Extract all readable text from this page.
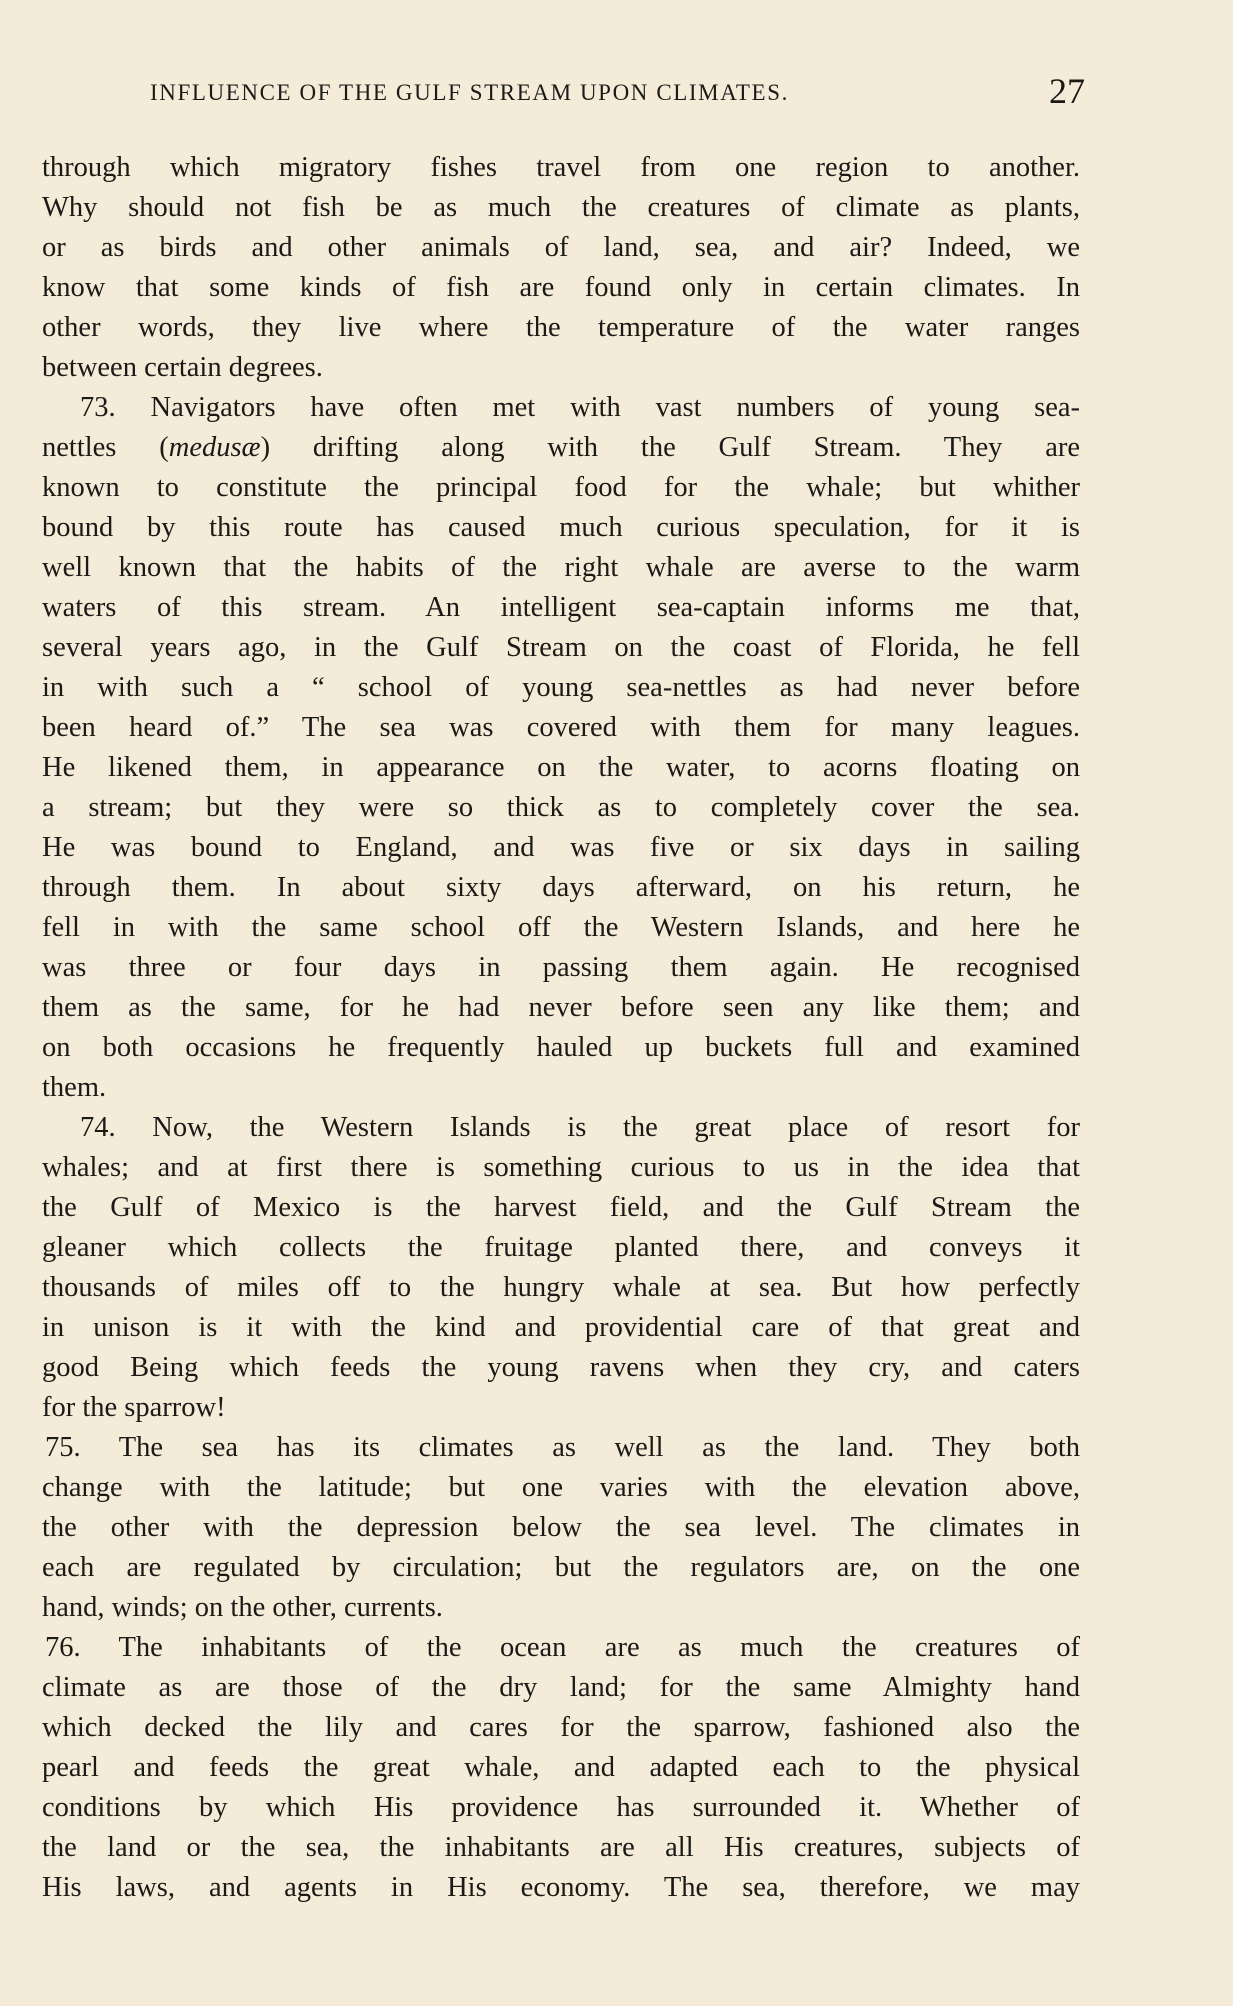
INFLUENCE OF THE GULF STREAM UPON CLIMATES.	27
through which migratory fishes travel from one region to another.
Why should not fish be as much the creatures of climate as plants,
or as birds and other animals of land, sea, and air? Indeed, we
know that some kinds of fish are found only in certain climates. In
other words, they live where the temperature of the water ranges
between certain degrees.
73. Navigators have often met with vast numbers of young sea-
nettles (medusæ) drifting along with the Gulf Stream. They are
known to constitute the principal food for the whale; but whither
bound by this route has caused much curious speculation, for it is
well known that the habits of the right whale are averse to the warm
waters of this stream. An intelligent sea-captain informs me that,
several years ago, in the Gulf Stream on the coast of Florida, he fell
in with such a “ school of young sea-nettles as had never before
been heard of.” The sea was covered with them for many leagues.
He likened them, in appearance on the water, to acorns floating on
a stream; but they were so thick as to completely cover the sea.
He was bound to England, and was five or six days in sailing
through them. In about sixty days afterward, on his return, he
fell in with the same school off the Western Islands, and here he
was three or four days in passing them again. He recognised
them as the same, for he had never before seen any like them; and
on both occasions he frequently hauled up buckets full and examined
them.
74. Now, the Western Islands is the great place of resort for
whales; and at first there is something curious to us in the idea that
the Gulf of Mexico is the harvest field, and the Gulf Stream the
gleaner which collects the fruitage planted there, and conveys it
thousands of miles off to the hungry whale at sea. But how perfectly
in unison is it with the kind and providential care of that great and
good Being which feeds the young ravens when they cry, and caters
for the sparrow!
75. The sea has its climates as well as the land. They both
change with the latitude; but one varies with the elevation above,
the other with the depression below the sea level. The climates in
each are regulated by circulation; but the regulators are, on the one
hand, winds; on the other, currents.
76. The inhabitants of the ocean are as much the creatures of
climate as are those of the dry land; for the same Almighty hand
which decked the lily and cares for the sparrow, fashioned also the
pearl and feeds the great whale, and adapted each to the physical
conditions by which His providence has surrounded it. Whether of
the land or the sea, the inhabitants are all His creatures, subjects of
His laws, and agents in His economy. The sea, therefore, we may
